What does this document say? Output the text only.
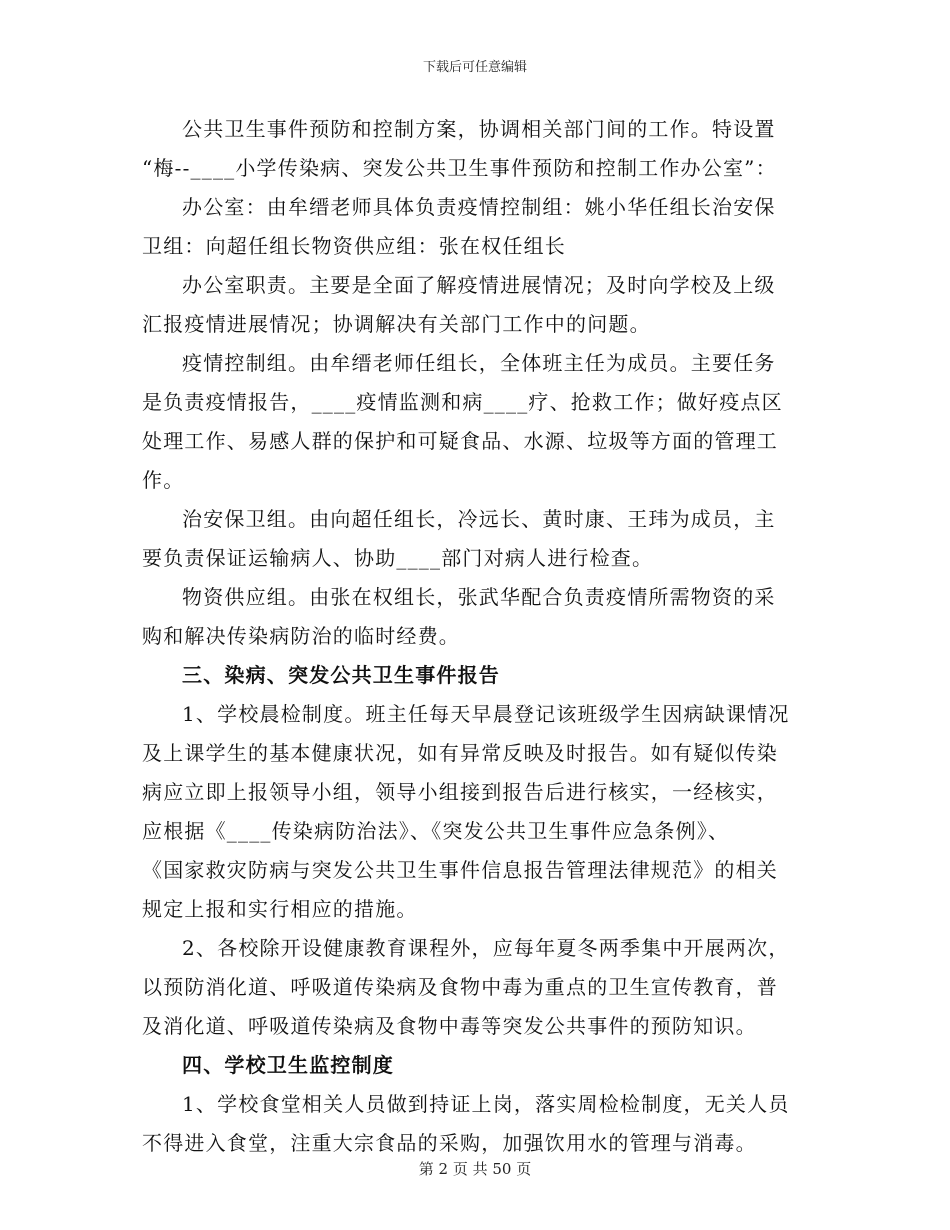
下载后可任意编辑

公共卫生事件预防和控制方案，协调相关部门间的工作。特设置

“梅--____小学传染病、突发公共卫生事件预防和控制工作办公室”：

办公室：由牟缙老师具体负责疫情控制组：姚小华任组长治安保

卫组：向超任组长物资供应组：张在权任组长

办公室职责。主要是全面了解疫情进展情况；及时向学校及上级

汇报疫情进展情况；协调解决有关部门工作中的问题。

疫情控制组。由牟缙老师任组长，全体班主任为成员。主要任务

是负责疫情报告，____疫情监测和病____疗、抢救工作；做好疫点区
处理工作、易感人群的保护和可疑食品、水源、垃圾等方面的管理工
作。

治安保卫组。由向超任组长，冷远长、黄时康、王玮为成员，主

要负责保证运输病人、协助____部门对病人进行检查。

物资供应组。由张在权组长，张武华配合负责疫情所需物资的采

购和解决传染病防治的临时经费。

三、染病、突发公共卫生事件报告

1、学校晨检制度。班主任每天早晨登记该班级学生因病缺课情况

及上课学生的基本健康状况，如有异常反映及时报告。如有疑似传染
病应立即上报领导小组，领导小组接到报告后进行核实，一经核实，
应根据《____传染病防治法》、《突发公共卫生事件应急条例》、
《国家救灾防病与突发公共卫生事件信息报告管理法律规范》的相关
规定上报和实行相应的措施。

2、各校除开设健康教育课程外，应每年夏冬两季集中开展两次，

以预防消化道、呼吸道传染病及食物中毒为重点的卫生宣传教育，普
及消化道、呼吸道传染病及食物中毒等突发公共事件的预防知识。

四、学校卫生监控制度

1、学校食堂相关人员做到持证上岗，落实周检检制度，无关人员

不得进入食堂，注重大宗食品的采购，加强饮用水的管理与消毒。

第 2 页 共 50 页
